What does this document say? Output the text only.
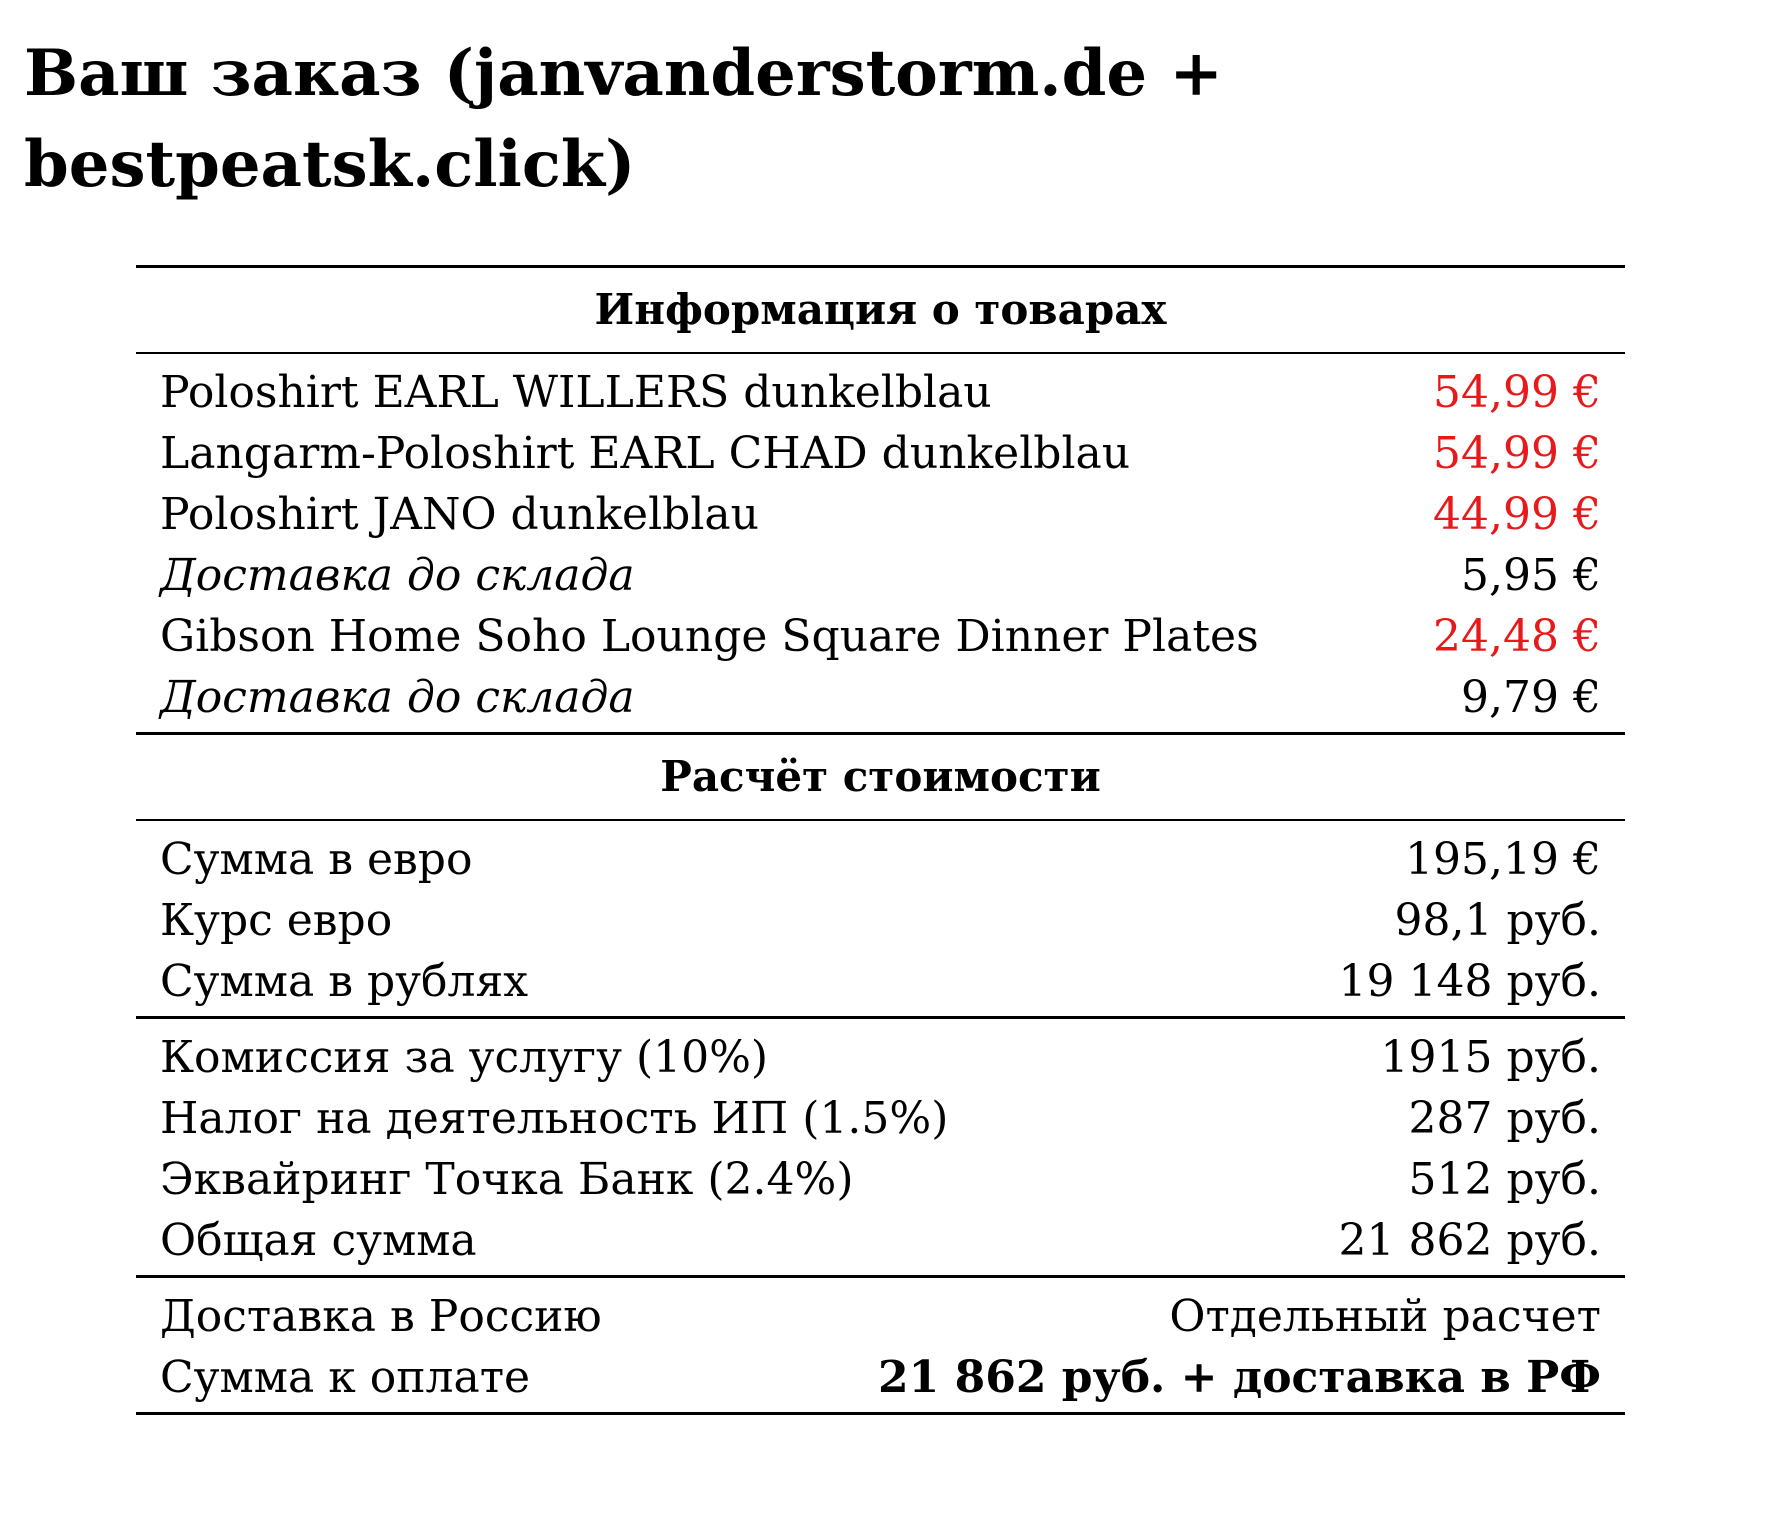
Ваш заказ (janvanderstorm.de + bestpeatsk.click)
Информация о товарах
Poloshirt EARL WILLERS dunkelblau	54,99 €
Langarm-Poloshirt EARL CHAD dunkelblau	54,99 €
Poloshirt JANO dunkelblau	44,99 €
Доставка до склада	5,95 €
Gibson Home Soho Lounge Square Dinner Plates	24,48 €
Доставка до склада	9,79 €
Расчёт стоимости
Сумма в евро	195,19 €
Курс евро	98,1 руб.
Сумма в рублях	19 148 руб.
Комиссия за услугу (10%)	1915 руб.
Налог на деятельность ИП (1.5%)	287 руб.
Эквайринг Точка Банк (2.4%)	512 руб.
Общая сумма	21 862 руб.
Доставка в Россию	Отдельный расчет
Сумма к оплате	21 862 руб. + доставка в РФ
